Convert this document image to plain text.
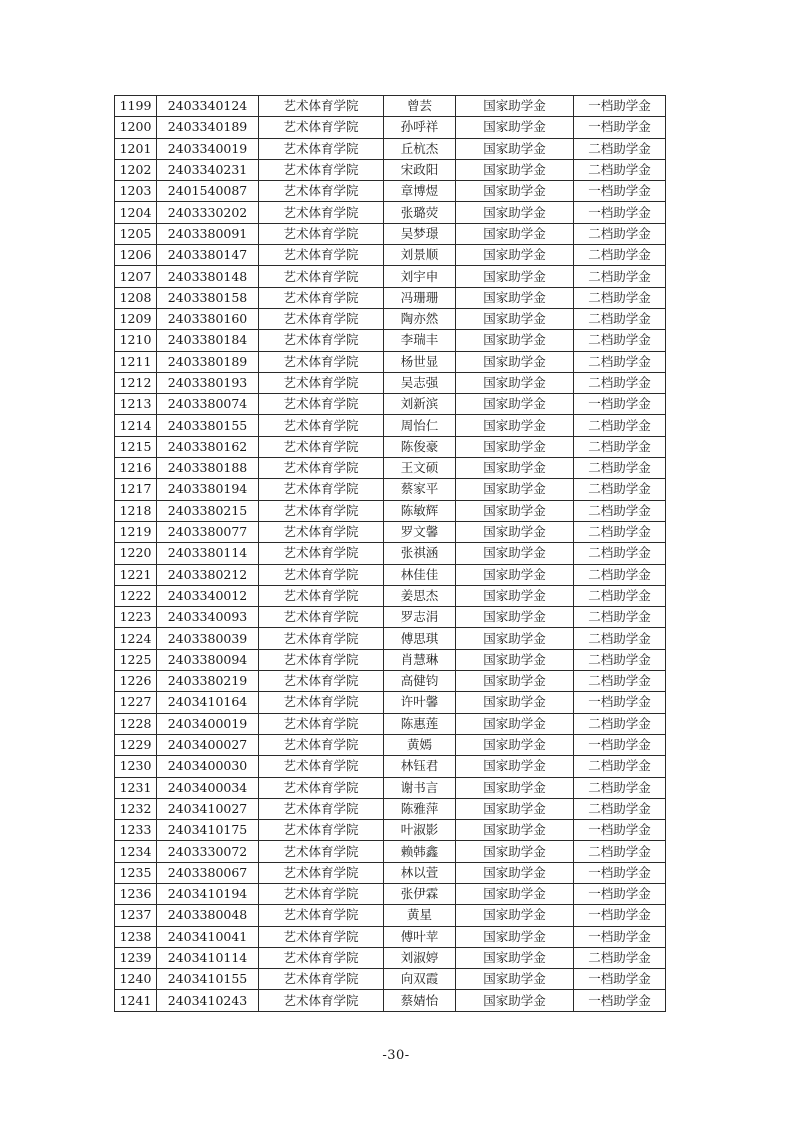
1199	2403340124	艺术体育学院	曾芸	国家助学金	一档助学金
1200	2403340189	艺术体育学院	孙呼祥	国家助学金	一档助学金
1201	2403340019	艺术体育学院	丘杭杰	国家助学金	二档助学金
1202	2403340231	艺术体育学院	宋政阳	国家助学金	二档助学金
1203	2401540087	艺术体育学院	章博煜	国家助学金	一档助学金
1204	2403330202	艺术体育学院	张璐荧	国家助学金	一档助学金
1205	2403380091	艺术体育学院	吴梦璟	国家助学金	二档助学金
1206	2403380147	艺术体育学院	刘景顺	国家助学金	二档助学金
1207	2403380148	艺术体育学院	刘宇申	国家助学金	二档助学金
1208	2403380158	艺术体育学院	冯珊珊	国家助学金	二档助学金
1209	2403380160	艺术体育学院	陶亦然	国家助学金	二档助学金
1210	2403380184	艺术体育学院	李瑞丰	国家助学金	二档助学金
1211	2403380189	艺术体育学院	杨世显	国家助学金	二档助学金
1212	2403380193	艺术体育学院	吴志强	国家助学金	二档助学金
1213	2403380074	艺术体育学院	刘新滨	国家助学金	一档助学金
1214	2403380155	艺术体育学院	周怡仁	国家助学金	二档助学金
1215	2403380162	艺术体育学院	陈俊豪	国家助学金	二档助学金
1216	2403380188	艺术体育学院	王文硕	国家助学金	二档助学金
1217	2403380194	艺术体育学院	蔡家平	国家助学金	二档助学金
1218	2403380215	艺术体育学院	陈敏辉	国家助学金	二档助学金
1219	2403380077	艺术体育学院	罗文馨	国家助学金	二档助学金
1220	2403380114	艺术体育学院	张祺涵	国家助学金	二档助学金
1221	2403380212	艺术体育学院	林佳佳	国家助学金	二档助学金
1222	2403340012	艺术体育学院	姜思杰	国家助学金	二档助学金
1223	2403340093	艺术体育学院	罗志涓	国家助学金	二档助学金
1224	2403380039	艺术体育学院	傅思琪	国家助学金	二档助学金
1225	2403380094	艺术体育学院	肖慧琳	国家助学金	二档助学金
1226	2403380219	艺术体育学院	高健钧	国家助学金	二档助学金
1227	2403410164	艺术体育学院	许叶馨	国家助学金	一档助学金
1228	2403400019	艺术体育学院	陈惠莲	国家助学金	二档助学金
1229	2403400027	艺术体育学院	黄嫣	国家助学金	一档助学金
1230	2403400030	艺术体育学院	林钰君	国家助学金	二档助学金
1231	2403400034	艺术体育学院	谢书言	国家助学金	二档助学金
1232	2403410027	艺术体育学院	陈雅萍	国家助学金	二档助学金
1233	2403410175	艺术体育学院	叶淑影	国家助学金	一档助学金
1234	2403330072	艺术体育学院	赖韩鑫	国家助学金	二档助学金
1235	2403380067	艺术体育学院	林以萱	国家助学金	一档助学金
1236	2403410194	艺术体育学院	张伊霖	国家助学金	一档助学金
1237	2403380048	艺术体育学院	黄星	国家助学金	一档助学金
1238	2403410041	艺术体育学院	傅叶苹	国家助学金	一档助学金
1239	2403410114	艺术体育学院	刘淑婷	国家助学金	二档助学金
1240	2403410155	艺术体育学院	向双霞	国家助学金	一档助学金
1241	2403410243	艺术体育学院	蔡婧怡	国家助学金	一档助学金
-30-
